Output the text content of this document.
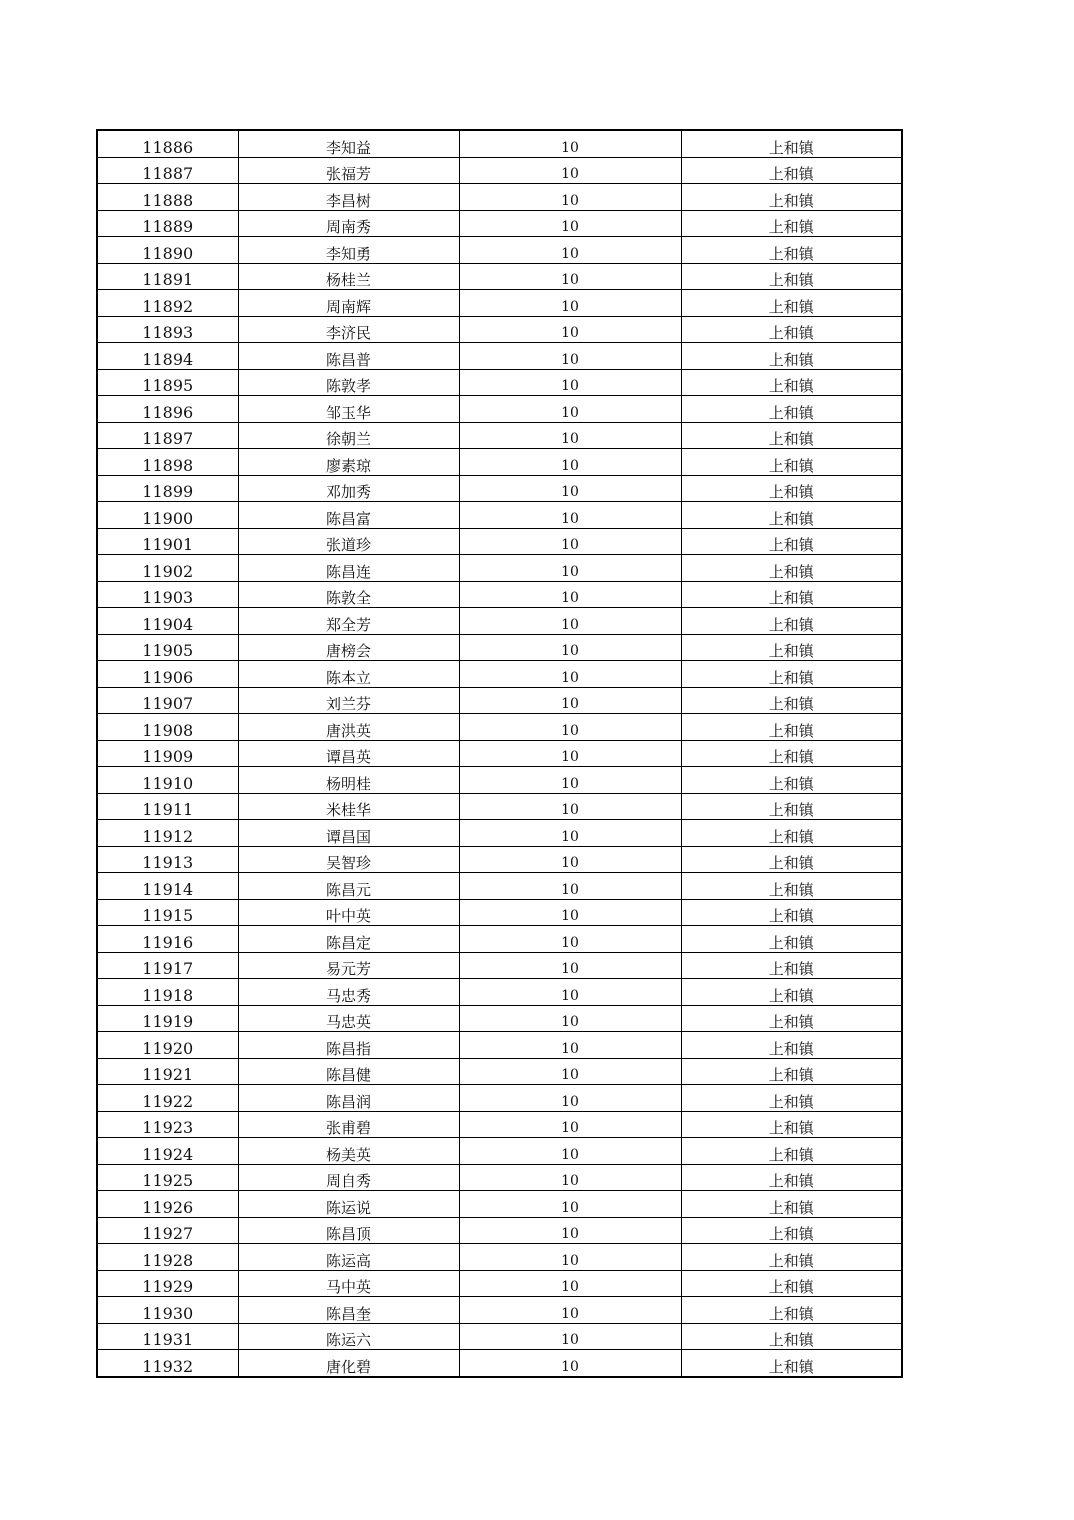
11886	李知益	10	上和镇
11887	张福芳	10	上和镇
11888	李昌树	10	上和镇
11889	周南秀	10	上和镇
11890	李知勇	10	上和镇
11891	杨桂兰	10	上和镇
11892	周南辉	10	上和镇
11893	李济民	10	上和镇
11894	陈昌普	10	上和镇
11895	陈敦孝	10	上和镇
11896	邹玉华	10	上和镇
11897	徐朝兰	10	上和镇
11898	廖素琼	10	上和镇
11899	邓加秀	10	上和镇
11900	陈昌富	10	上和镇
11901	张道珍	10	上和镇
11902	陈昌连	10	上和镇
11903	陈敦全	10	上和镇
11904	郑全芳	10	上和镇
11905	唐榜会	10	上和镇
11906	陈本立	10	上和镇
11907	刘兰芬	10	上和镇
11908	唐洪英	10	上和镇
11909	谭昌英	10	上和镇
11910	杨明桂	10	上和镇
11911	米桂华	10	上和镇
11912	谭昌国	10	上和镇
11913	吴智珍	10	上和镇
11914	陈昌元	10	上和镇
11915	叶中英	10	上和镇
11916	陈昌定	10	上和镇
11917	易元芳	10	上和镇
11918	马忠秀	10	上和镇
11919	马忠英	10	上和镇
11920	陈昌指	10	上和镇
11921	陈昌健	10	上和镇
11922	陈昌润	10	上和镇
11923	张甫碧	10	上和镇
11924	杨美英	10	上和镇
11925	周自秀	10	上和镇
11926	陈运说	10	上和镇
11927	陈昌顶	10	上和镇
11928	陈运高	10	上和镇
11929	马中英	10	上和镇
11930	陈昌奎	10	上和镇
11931	陈运六	10	上和镇
11932	唐化碧	10	上和镇
